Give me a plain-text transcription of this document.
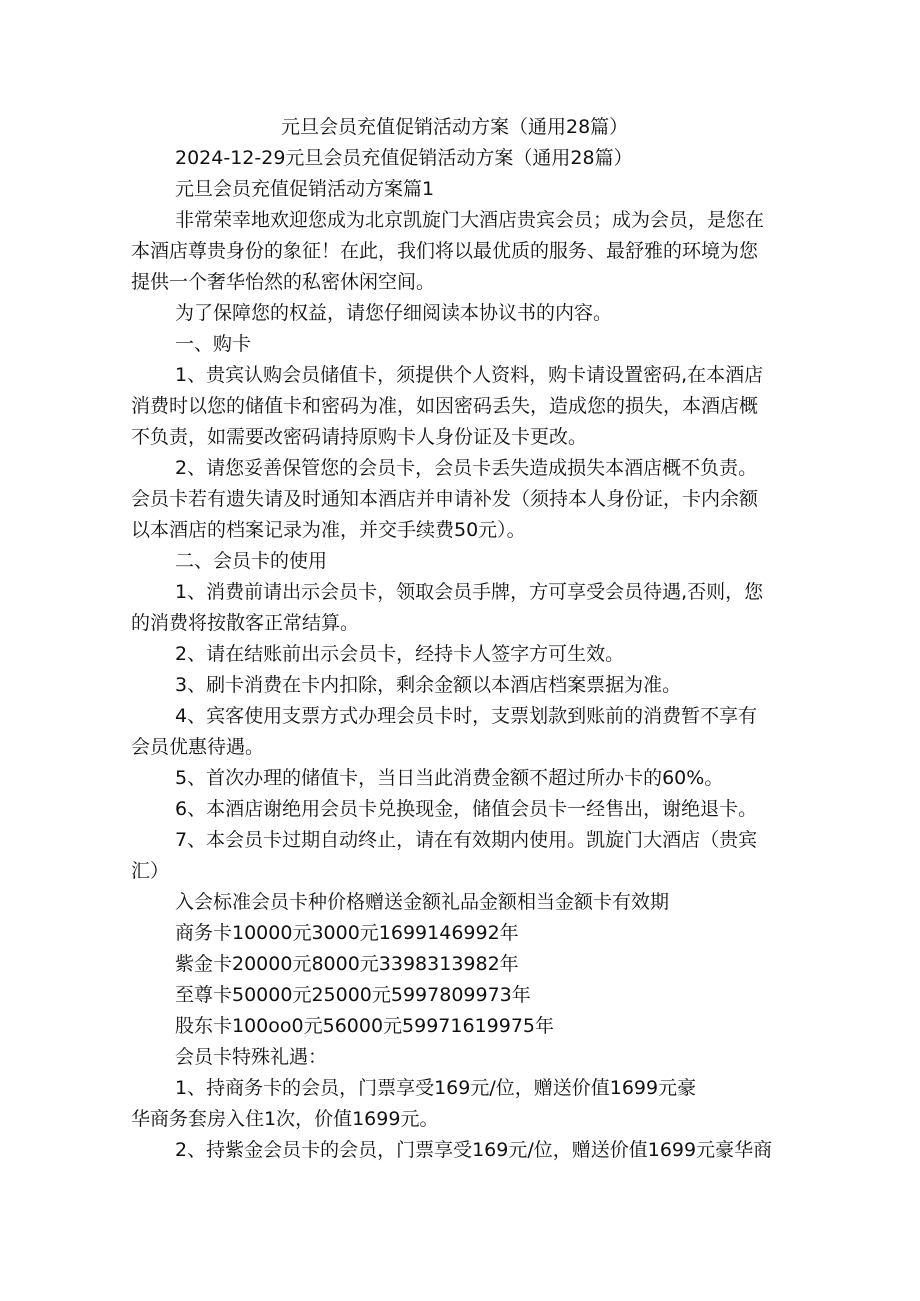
元旦会员充值促销活动方案（通用28篇）
2024-12-29元旦会员充值促销活动方案（通用28篇）
元旦会员充值促销活动方案篇1
非常荣幸地欢迎您成为北京凯旋门大酒店贵宾会员；成为会员，是您在
本酒店尊贵身份的象征！在此，我们将以最优质的服务、最舒雅的环境为您
提供一个奢华怡然的私密休闲空间。
为了保障您的权益，请您仔细阅读本协议书的内容。
一、购卡
1、贵宾认购会员储值卡，须提供个人资料，购卡请设置密码,在本酒店
消费时以您的储值卡和密码为准，如因密码丢失，造成您的损失，本酒店概
不负责，如需要改密码请持原购卡人身份证及卡更改。
2、请您妥善保管您的会员卡，会员卡丢失造成损失本酒店概不负责。
会员卡若有遗失请及时通知本酒店并申请补发（须持本人身份证，卡内余额
以本酒店的档案记录为准，并交手续费50元）。
二、会员卡的使用
1、消费前请出示会员卡，领取会员手牌，方可享受会员待遇,否则，您
的消费将按散客正常结算。
2、请在结账前出示会员卡，经持卡人签字方可生效。
3、刷卡消费在卡内扣除，剩余金额以本酒店档案票据为准。
4、宾客使用支票方式办理会员卡时，支票划款到账前的消费暂不享有
会员优惠待遇。
5、首次办理的储值卡，当日当此消费金额不超过所办卡的60%。
6、本酒店谢绝用会员卡兑换现金，储值会员卡一经售出，谢绝退卡。
7、本会员卡过期自动终止，请在有效期内使用。凯旋门大酒店（贵宾
汇）
入会标准会员卡种价格赠送金额礼品金额相当金额卡有效期
商务卡10000元3000元1699146992年
紫金卡20000元8000元3398313982年
至尊卡50000元25000元5997809973年
股东卡100oo0元56000元59971619975年
会员卡特殊礼遇：
1、持商务卡的会员，门票享受169元/位，赠送价值1699元豪
华商务套房入住1次，价值1699元。
2、持紫金会员卡的会员，门票享受169元/位，赠送价值1699元豪华商
